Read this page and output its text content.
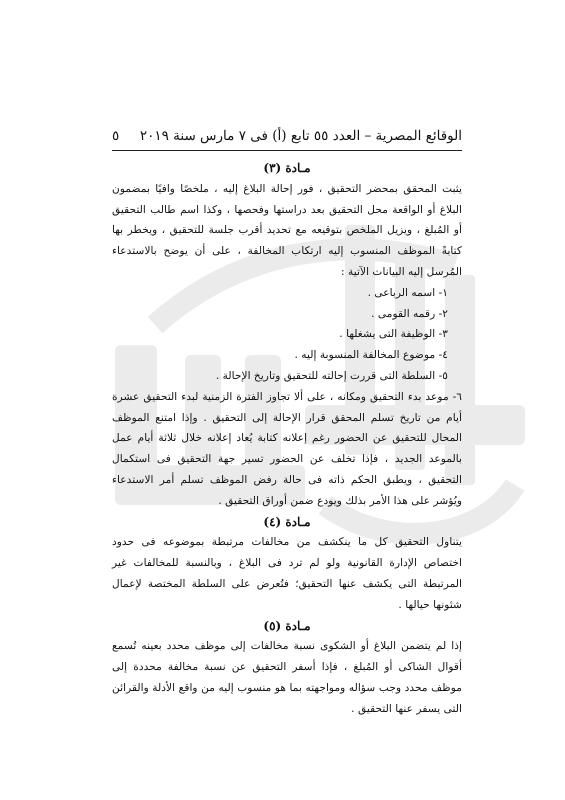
الوقائع المصرية – العدد ٥٥ تابع (أ) فى ٧ مارس سنة ٢٠١٩
٥

مـادة (٣)

يثبت المحقق بمحضر التحقيق ، فور إحالة البلاغ إليه ، ملخصًا وافيًا بمضمون البلاغ أو الواقعة محل التحقيق بعد دراستها وفحصها ، وكذا اسم طالب التحقيق أو المُبلغ ، ويزيل الملخص بتوقيعه مع تحديد أقرب جلسة للتحقيق ، ويخطر بها كتابةً الموظف المنسوب إليه ارتكاب المخالفة ، على أن يوضح بالاستدعاء المُرسل إليه البيانات الآتية :

١- اسمه الرباعى .

٢- رقمه القومى .

٣- الوظيفة التى يشغلها .

٤- موضوع المخالفة المنسوبة إليه .

٥- السلطة التى قررت إحالته للتحقيق وتاريخ الإحالة .

٦- موعد بدء التحقيق ومكانه ، على ألا تجاوز الفترة الزمنية لبدء التحقيق عشرة أيام من تاريخ تسلم المحقق قرار الإحالة إلى التحقيق . وإذا امتنع الموظف المحال للتحقيق عن الحضور رغم إعلانه كتابة يُعاد إعلانه خلال ثلاثة أيام عمل بالموعد الجديد ، فإذا تخلف عن الحضور تسير جهة التحقيق فى استكمال التحقيق ، ويطبق الحكم ذاته فى حالة رفض الموظف تسلم أمر الاستدعاء ويُؤشر على هذا الأمر بذلك ويودع ضمن أوراق التحقيق .

مـادة (٤)

يتناول التحقيق كل ما ينكشف من مخالفات مرتبطة بموضوعه فى حدود اختصاص الإدارة القانونية ولو لم ترد فى البلاغ ، وبالنسبة للمخالفات غير المرتبطة التى يكشف عنها التحقيق؛ فتُعرض على السلطة المختصة لإعمال شئونها حيالها .

مـادة (٥)

إذا لم يتضمن البلاغ أو الشكوى نسبة مخالفات إلى موظف محدد بعينه تُسمع أقوال الشاكى أو المُبلغ ، فإذا أسفر التحقيق عن نسبة مخالفة محددة إلى موظف محدد وجب سؤاله ومواجهته بما هو منسوب إليه من واقع الأدلة والقرائن التى يسفر عنها التحقيق .
